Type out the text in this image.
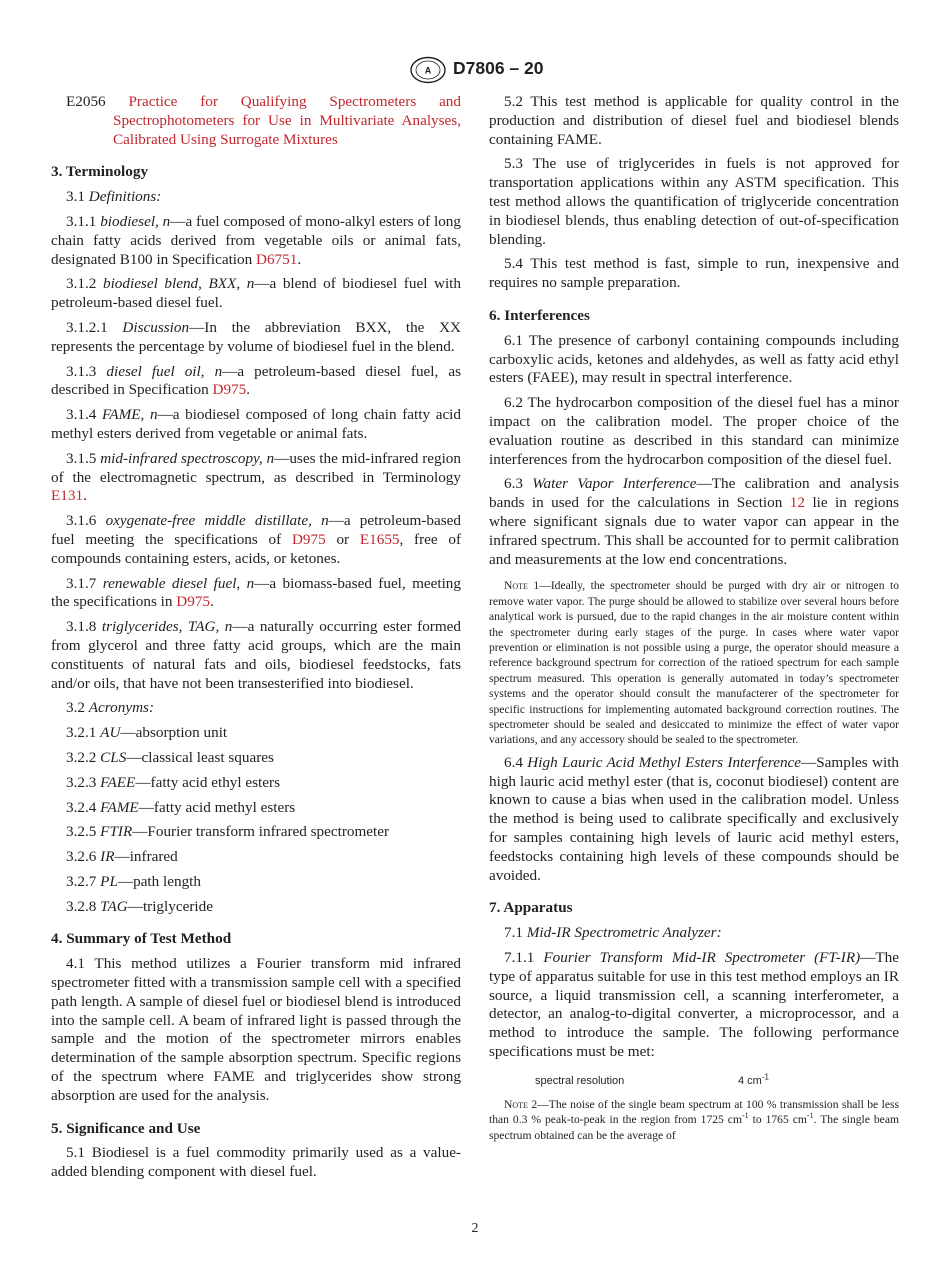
A D7806 – 20

E2056 Practice for Qualifying Spectrometers and Spectrophotometers for Use in Multivariate Analyses, Calibrated Using Surrogate Mixtures

3. Terminology

3.1 Definitions:

3.1.1 biodiesel, n—a fuel composed of mono-alkyl esters of long chain fatty acids derived from vegetable oils or animal fats, designated B100 in Specification D6751.

3.1.2 biodiesel blend, BXX, n—a blend of biodiesel fuel with petroleum-based diesel fuel.

3.1.2.1 Discussion—In the abbreviation BXX, the XX represents the percentage by volume of biodiesel fuel in the blend.

3.1.3 diesel fuel oil, n—a petroleum-based diesel fuel, as described in Specification D975.

3.1.4 FAME, n—a biodiesel composed of long chain fatty acid methyl esters derived from vegetable or animal fats.

3.1.5 mid-infrared spectroscopy, n—uses the mid-infrared region of the electromagnetic spectrum, as described in Terminology E131.

3.1.6 oxygenate-free middle distillate, n—a petroleum-based fuel meeting the specifications of D975 or E1655, free of compounds containing esters, acids, or ketones.

3.1.7 renewable diesel fuel, n—a biomass-based fuel, meeting the specifications in D975.

3.1.8 triglycerides, TAG, n—a naturally occurring ester formed from glycerol and three fatty acid groups, which are the main constituents of natural fats and oils, biodiesel feedstocks, fats and/or oils, that have not been transesterified into biodiesel.

3.2 Acronyms:

3.2.1 AU—absorption unit

3.2.2 CLS—classical least squares

3.2.3 FAEE—fatty acid ethyl esters

3.2.4 FAME—fatty acid methyl esters

3.2.5 FTIR—Fourier transform infrared spectrometer

3.2.6 IR—infrared

3.2.7 PL—path length

3.2.8 TAG—triglyceride

4. Summary of Test Method

4.1 This method utilizes a Fourier transform mid infrared spectrometer fitted with a transmission sample cell with a specified path length. A sample of diesel fuel or biodiesel blend is introduced into the sample cell. A beam of infrared light is passed through the sample and the motion of the spectrometer mirrors enables determination of the sample absorption spectrum. Specific regions of the spectrum where FAME and triglycerides show strong absorption are used for the analysis.

5. Significance and Use

5.1 Biodiesel is a fuel commodity primarily used as a value-added blending component with diesel fuel.

5.2 This test method is applicable for quality control in the production and distribution of diesel fuel and biodiesel blends containing FAME.

5.3 The use of triglycerides in fuels is not approved for transportation applications within any ASTM specification. This test method allows the quantification of triglyceride concentration in biodiesel blends, thus enabling detection of out-of-specification blending.

5.4 This test method is fast, simple to run, inexpensive and requires no sample preparation.

6. Interferences

6.1 The presence of carbonyl containing compounds including carboxylic acids, ketones and aldehydes, as well as fatty acid ethyl esters (FAEE), may result in spectral interference.

6.2 The hydrocarbon composition of the diesel fuel has a minor impact on the calibration model. The proper choice of the evaluation routine as described in this standard can minimize interferences from the hydrocarbon composition of the diesel fuel.

6.3 Water Vapor Interference—The calibration and analysis bands in used for the calculations in Section 12 lie in regions where significant signals due to water vapor can appear in the infrared spectrum. This shall be accounted for to permit calibration and measurements at the low end concentrations.

Note 1—Ideally, the spectrometer should be purged with dry air or nitrogen to remove water vapor. The purge should be allowed to stabilize over several hours before analytical work is pursued, due to the rapid changes in the air moisture content within the spectrometer during early stages of the purge. In cases where water vapor prevention or elimination is not possible using a purge, the operator should measure a reference background spectrum for correction of the ratioed spectrum for each sample spectrum measured. This operation is generally automated in today’s spectrometer systems and the operator should consult the manufacterer of the spectrometer for specific instructions for implementing automated background correction routines. The spectrometer should be sealed and desiccated to minimize the effect of water vapor variations, and any accessory should be sealed to the spectrometer.

6.4 High Lauric Acid Methyl Esters Interference—Samples with high lauric acid methyl ester (that is, coconut biodiesel) content are known to cause a bias when used in the calibration model. Unless the method is being used to calibrate specifically and exclusively for samples containing high levels of lauric acid methyl esters, feedstocks containing high levels of these compounds should be avoided.

7. Apparatus

7.1 Mid-IR Spectrometric Analyzer:

7.1.1 Fourier Transform Mid-IR Spectrometer (FT-IR)—The type of apparatus suitable for use in this test method employs an IR source, a liquid transmission cell, a scanning interferometer, a detector, an analog-to-digital converter, a microprocessor, and a method to introduce the sample. The following performance specifications must be met:

spectral resolution	4 $cm^{-1}$

Note 2—The noise of the single beam spectrum at 100 % transmission shall be less than 0.3 % peak-to-peak in the region from 1725 $cm^{-1}$ to 1765 $cm^{-1}$. The single beam spectrum obtained can be the average of

2
